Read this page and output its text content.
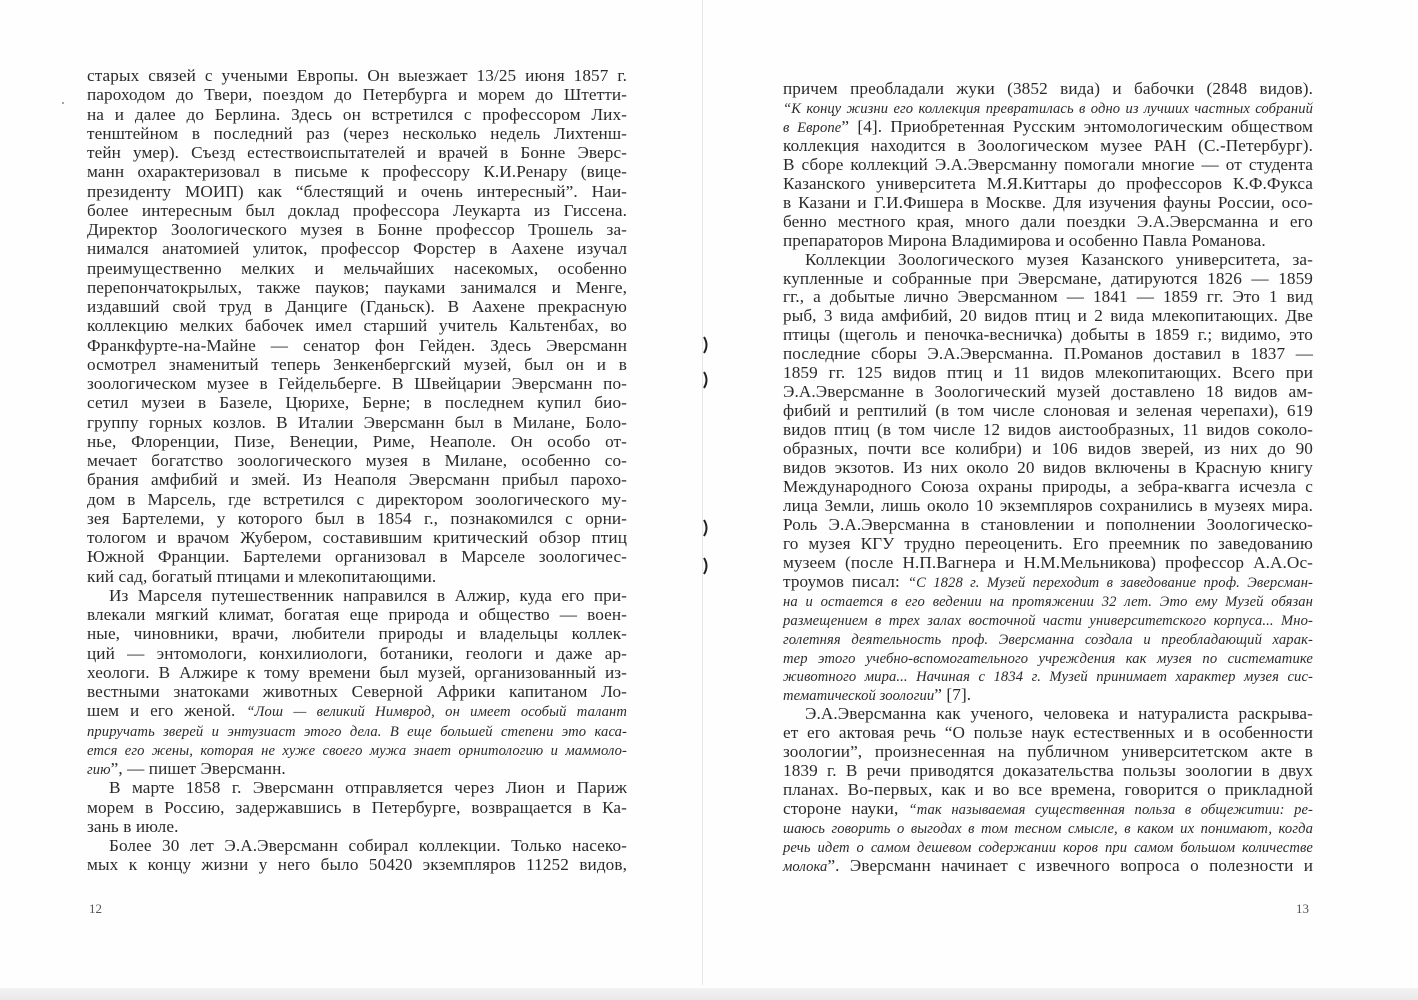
старых связей с учеными Европы. Он выезжает 13/25 июня 1857 г.
пароходом до Твери, поездом до Петербурга и морем до Штетти-
на и далее до Берлина. Здесь он встретился с профессором Лих-
тенштейном в последний раз (через несколько недель Лихтенш-
тейн умер). Съезд естествоиспытателей и врачей в Бонне Эверс-
манн охарактеризовал в письме к профессору К.И.Ренару (вице-
президенту МОИП) как “блестящий и очень интересный”. Наи-
более интересным был доклад профессора Леукарта из Гиссена.
Директор Зоологического музея в Бонне профессор Трошель за-
нимался анатомией улиток, профессор Форстер в Аахене изучал
преимущественно мелких и мельчайших насекомых, особенно
перепончатокрылых, также пауков; пауками занимался и Менге,
издавший свой труд в Данциге (Гданьск). В Аахене прекрасную
коллекцию мелких бабочек имел старший учитель Кальтенбах, во
Франкфурте-на-Майне — сенатор фон Гейден. Здесь Эверсманн
осмотрел знаменитый теперь Зенкенбергский музей, был он и в
зоологическом музее в Гейдельберге. В Швейцарии Эверсманн по-
сетил музеи в Базеле, Цюрихе, Берне; в последнем купил био-
группу горных козлов. В Италии Эверсманн был в Милане, Боло-
нье, Флоренции, Пизе, Венеции, Риме, Неаполе. Он особо от-
мечает богатство зоологического музея в Милане, особенно со-
брания амфибий и змей. Из Неаполя Эверсманн прибыл парохо-
дом в Марсель, где встретился с директором зоологического му-
зея Бартелеми, у которого был в 1854 г., познакомился с орни-
тологом и врачом Жубером, составившим критический обзор птиц
Южной Франции. Бартелеми организовал в Марселе зоологичес-
кий сад, богатый птицами и млекопитающими.
Из Марселя путешественник направился в Алжир, куда его при-
влекали мягкий климат, богатая еще природа и общество — воен-
ные, чиновники, врачи, любители природы и владельцы коллек-
ций — энтомологи, конхилиологи, ботаники, геологи и даже ар-
хеологи. В Алжире к тому времени был музей, организованный из-
вестными знатоками животных Северной Африки капитаном Ло-
шем и его женой. “Лош — великий Нимврод, он имеет особый талант
приручать зверей и энтузиаст этого дела. В еще большей степени это каса-
ется его жены, которая не хуже своего мужа знает орнитологию и маммоло-
гию”, — пишет Эверсманн.
В марте 1858 г. Эверсманн отправляется через Лион и Париж
морем в Россию, задержавшись в Петербурге, возвращается в Ка-
зань в июле.
Более 30 лет Э.А.Эверсманн собирал коллекции. Только насеко-
мых к концу жизни у него было 50420 экземпляров 11252 видов,
причем преобладали жуки (3852 вида) и бабочки (2848 видов).
“К концу жизни его коллекция превратилась в одно из лучших частных собраний
в Европе” [4]. Приобретенная Русским энтомологическим обществом
коллекция находится в Зоологическом музее РАН (С.-Петербург).
В сборе коллекций Э.А.Эверсманну помогали многие — от студента
Казанского университета М.Я.Киттары до профессоров К.Ф.Фукса
в Казани и Г.И.Фишера в Москве. Для изучения фауны России, осо-
бенно местного края, много дали поездки Э.А.Эверсманна и его
препараторов Мирона Владимирова и особенно Павла Романова.
Коллекции Зоологического музея Казанского университета, за-
купленные и собранные при Эверсмане, датируются 1826 — 1859
гг., а добытые лично Эверсманном — 1841 — 1859 гг. Это 1 вид
рыб, 3 вида амфибий, 20 видов птиц и 2 вида млекопитающих. Две
птицы (щеголь и пеночка-весничка) добыты в 1859 г.; видимо, это
последние сборы Э.А.Эверсманна. П.Романов доставил в 1837 —
1859 гг. 125 видов птиц и 11 видов млекопитающих. Всего при
Э.А.Эверсманне в Зоологический музей доставлено 18 видов ам-
фибий и рептилий (в том числе слоновая и зеленая черепахи), 619
видов птиц (в том числе 12 видов аистообразных, 11 видов соколо-
образных, почти все колибри) и 106 видов зверей, из них до 90
видов экзотов. Из них около 20 видов включены в Красную книгу
Международного Союза охраны природы, а зебра-квагга исчезла с
лица Земли, лишь около 10 экземпляров сохранились в музеях мира.
Роль Э.А.Эверсманна в становлении и пополнении Зоологическо-
го музея КГУ трудно переоценить. Его преемник по заведованию
музеем (после Н.П.Вагнера и Н.М.Мельникова) профессор А.А.Ос-
троумов писал: “С 1828 г. Музей переходит в заведование проф. Эверсман-
на и остается в его ведении на протяжении 32 лет. Это ему Музей обязан
размещением в трех залах восточной части университетского корпуса... Мно-
голетняя деятельность проф. Эверсманна создала и преобладающий харак-
тер этого учебно-вспомогательного учреждения как музея по систематике
животного мира... Начиная с 1834 г. Музей принимает характер музея сис-
тематической зоологии” [7].
Э.А.Эверсманна как ученого, человека и натуралиста раскрыва-
ет его актовая речь “О пользе наук естественных и в особенности
зоологии”, произнесенная на публичном университетском акте в
1839 г. В речи приводятся доказательства пользы зоологии в двух
планах. Во-первых, как и во все времена, говорится о прикладной
стороне науки, “так называемая существенная польза в общежитии: ре-
шаюсь говорить о выгодах в том тесном смысле, в каком их понимают, когда
речь идет о самом дешевом содержании коров при самом большом количестве
молока”. Эверсманн начинает с извечного вопроса о полезности и
12	13
